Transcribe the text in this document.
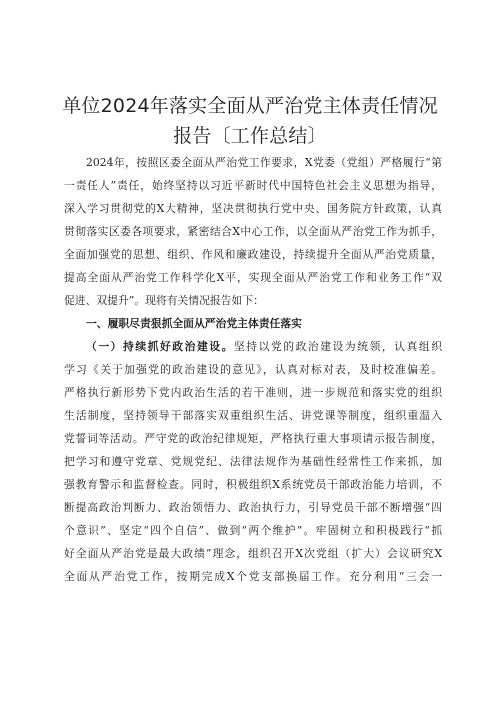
单位2024年落实全面从严治党主体责任情况
报告〔工作总结〕
2024年，按照区委全面从严治党工作要求，X党委（党组）严格履行“第
一责任人”责任，始终坚持以习近平新时代中国特色社会主义思想为指导，
深入学习贯彻党的X大精神，坚决贯彻执行党中央、国务院方针政策，认真
贯彻落实区委各项要求，紧密结合X中心工作，以全面从严治党工作为抓手，
全面加强党的思想、组织、作风和廉政建设，持续提升全面从严治党质量，
提高全面从严治党工作科学化X平，实现全面从严治党工作和业务工作“双
促进、双提升”。现将有关情况报告如下：
一、履职尽责狠抓全面从严治党主体责任落实
（一）持续抓好政治建设。坚持以党的政治建设为统领，认真组织
学习《关于加强党的政治建设的意见》，认真对标对表，及时校准偏差。
严格执行新形势下党内政治生活的若干准则，进一步规范和落实党的组织
生活制度，坚持领导干部落实双重组织生活、讲党课等制度，组织重温入
党誓词等活动。严守党的政治纪律规矩，严格执行重大事项请示报告制度，
把学习和遵守党章、党规党纪、法律法规作为基础性经常性工作来抓，加
强教育警示和监督检查。同时，积极组织X系统党员干部政治能力培训，不
断提高政治判断力、政治领悟力、政治执行力，引导党员干部不断增强“四
个意识”、坚定“四个自信”、做到“两个维护”。牢固树立和积极践行“抓
好全面从严治党是最大政绩”理念，组织召开X次党组（扩大）会议研究X
全面从严治党工作，按期完成X个党支部换届工作。充分利用“三会一
